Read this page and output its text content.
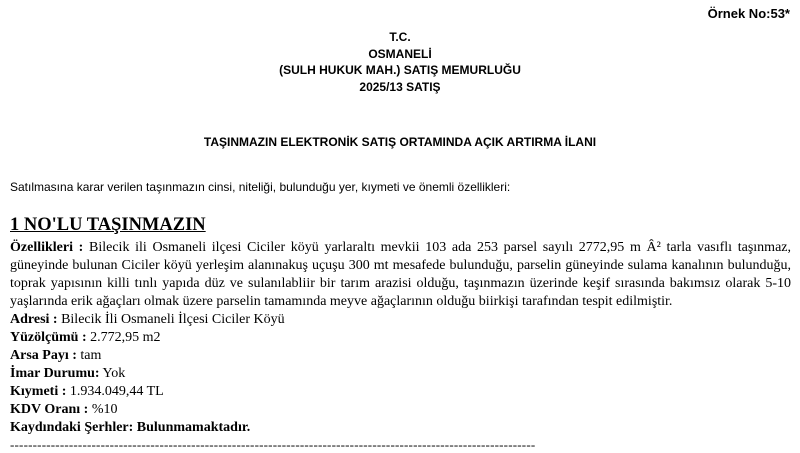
Örnek No:53*
T.C.
OSMANELİ
(SULH HUKUK MAH.) SATIŞ MEMURLUĞU
2025/13 SATIŞ
TAŞINMAZIN ELEKTRONİK SATIŞ ORTAMINDA AÇIK ARTIRMA İLANI
Satılmasına karar verilen taşınmazın cinsi, niteliği, bulunduğu yer, kıymeti ve önemli özellikleri:
1 NO'LU TAŞINMAZIN

Özellikleri : Bilecik ili Osmaneli ilçesi Ciciler köyü yarlaraltı mevkii 103 ada 253 parsel sayılı 2772,95 m Â² tarla vasıflı taşınmaz, güneyinde bulunan Ciciler köyü yerleşim alanınakuş uçuşu 300 mt mesafede bulunduğu, parselin güneyinde sulama kanalının bulunduğu, toprak yapısının killi tınlı yapıda düz ve sulanılabliir bir tarım arazisi olduğu, taşınmazın üzerinde keşif sırasında bakımsız olarak 5-10 yaşlarında erik ağaçları olmak üzere parselin tamamında meyve ağaçlarının olduğu biirkişi tarafından tespit edilmiştir.

Adresi : Bilecik İli Osmaneli İlçesi Ciciler Köyü

Yüzölçümü : 2.772,95 m2

Arsa Payı : tam

İmar Durumu: Yok

Kıymeti : 1.934.049,44 TL

KDV Oranı : %10

Kaydındaki Şerhler: Bulunmamaktadır.

--------------------------------------------------------------------------------------------------------------------
